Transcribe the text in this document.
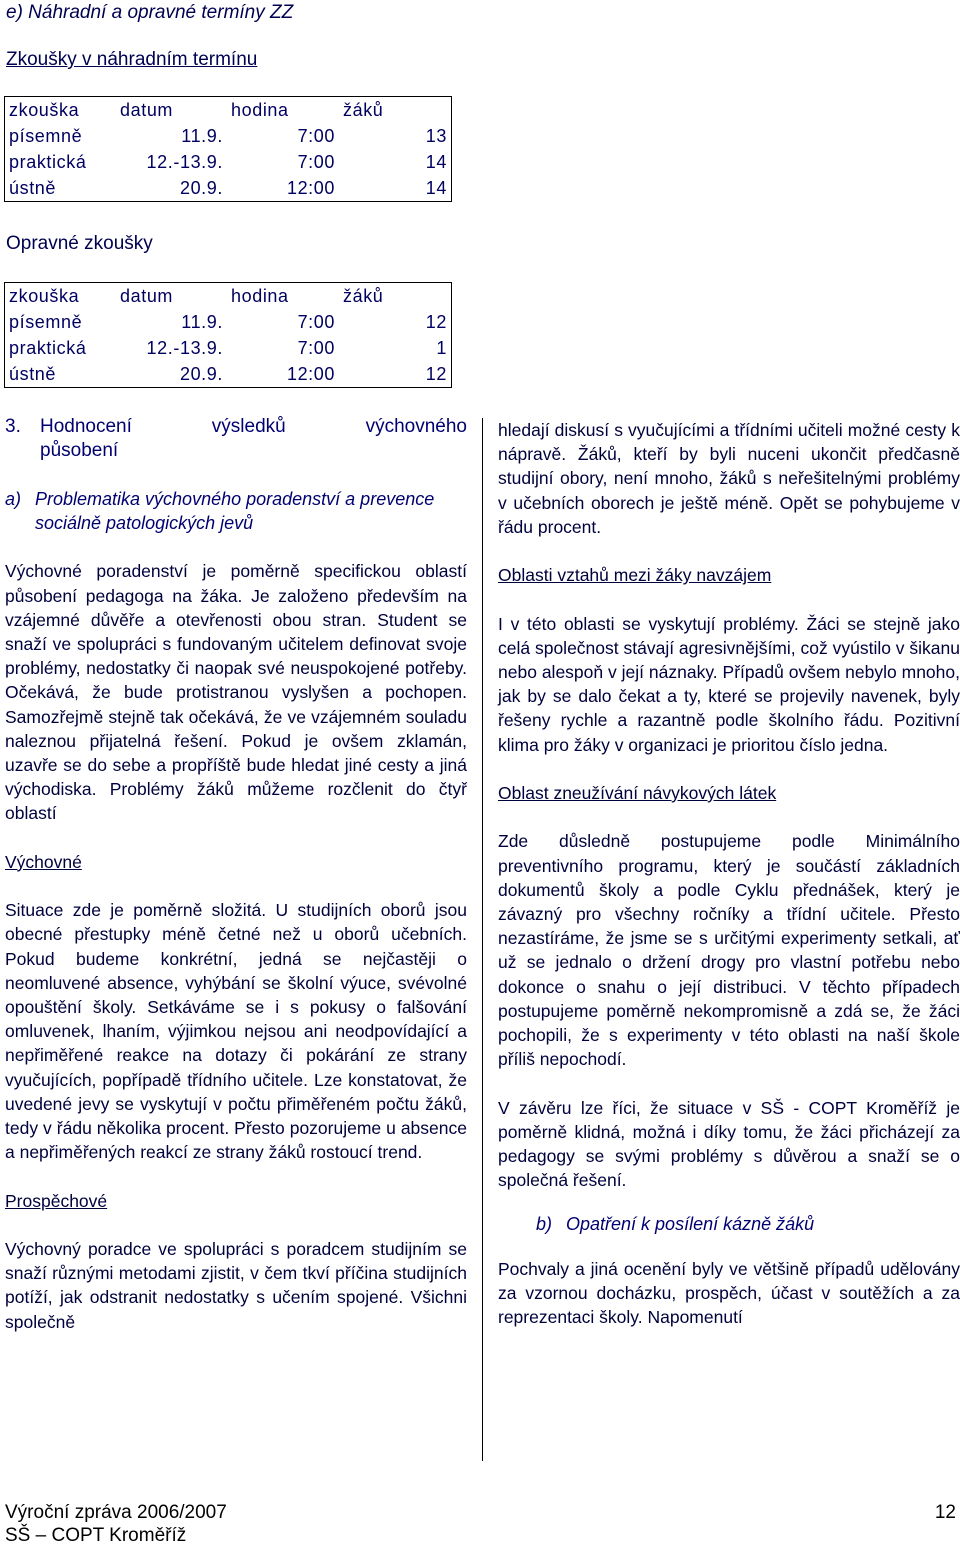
e) Náhradní a opravné termíny ZZ
Zkoušky v náhradním termínu
zkouška	datum	hodina	žáků
písemně	11.9.	7:00	13
praktická	12.-13.9.	7:00	14
ústně	20.9.	12:00	14
Opravné zkoušky
zkouška	datum	hodina	žáků
písemně	11.9.	7:00	12
praktická	12.-13.9.	7:00	1
ústně	20.9.	12:00	12
3.	Hodnocení výsledků výchovného
působení
a) Problematika výchovného poradenství a prevence sociálně patologických jevů

Výchovné poradenství je poměrně specifickou oblastí působení pedagoga na žáka. Je založeno především na vzájemné důvěře a otevřenosti obou stran. Student se snaží ve spolupráci s fundovaným učitelem definovat svoje problémy, nedostatky či naopak své neuspokojené potřeby. Očekává, že bude protistranou vyslyšen a pochopen. Samozřejmě stejně tak očekává, že ve vzájemném souladu naleznou přijatelná řešení. Pokud je ovšem zklamán, uzavře se do sebe a propříště bude hledat jiné cesty a jiná východiska. Problémy žáků můžeme rozčlenit do čtyř oblastí

Výchovné

Situace zde je poměrně složitá. U studijních oborů jsou obecné přestupky méně četné než u oborů učebních. Pokud budeme konkrétní, jedná se nejčastěji o neomluvené absence, vyhýbání se školní výuce, svévolné opouštění školy. Setkáváme se i s pokusy o falšování omluvenek, lhaním, výjimkou nejsou ani neodpovídající a nepřiměřené reakce na dotazy či pokárání ze strany vyučujících, popřípadě třídního učitele. Lze konstatovat, že uvedené jevy se vyskytují v počtu přiměřeném počtu žáků, tedy v řádu několika procent. Přesto pozorujeme u absence a nepřiměřených reakcí ze strany žáků rostoucí trend.

Prospěchové

Výchovný poradce ve spolupráci s poradcem studijním se snaží různými metodami zjistit, v čem tkví příčina studijních potíží, jak odstranit nedostatky s učením spojené. Všichni společně

hledají diskusí s vyučujícími a třídními učiteli možné cesty k nápravě. Žáků, kteří by byli nuceni ukončit předčasně studijní obory, není mnoho, žáků s neřešitelnými problémy v učebních oborech je ještě méně. Opět se pohybujeme v řádu procent.

Oblasti vztahů mezi žáky navzájem

I v této oblasti se vyskytují problémy. Žáci se stejně jako celá společnost stávají agresivnějšími, což vyústilo v šikanu nebo alespoň v její náznaky. Případů ovšem nebylo mnoho, jak by se dalo čekat a ty, které se projevily navenek, byly řešeny rychle a razantně podle školního řádu. Pozitivní klima pro žáky v organizaci je prioritou číslo jedna.

Oblast zneužívání návykových látek

Zde důsledně postupujeme podle Minimálního preventivního programu, který je součástí základních dokumentů školy a podle Cyklu přednášek, který je závazný pro všechny ročníky a třídní učitele. Přesto nezastíráme, že jsme se s určitými experimenty setkali, ať už se jednalo o držení drogy pro vlastní potřebu nebo dokonce o snahu o její distribuci. V těchto případech postupujeme poměrně nekompromisně a zdá se, že žáci pochopili, že s experimenty v této oblasti na naší škole příliš nepochodí.

V závěru lze říci, že situace v SŠ - COPT Kroměříž je poměrně klidná, možná i díky tomu, že žáci přicházejí za pedagogy se svými problémy s důvěrou a snaží se o společná řešení.

b) Opatření k posílení kázně žáků

Pochvaly a jiná ocenění byly ve většině případů udělovány za vzornou docházku, prospěch, účast v soutěžích a za reprezentaci školy. Napomenutí

Výroční zpráva 2006/2007
SŠ – COPT Kroměříž
12
